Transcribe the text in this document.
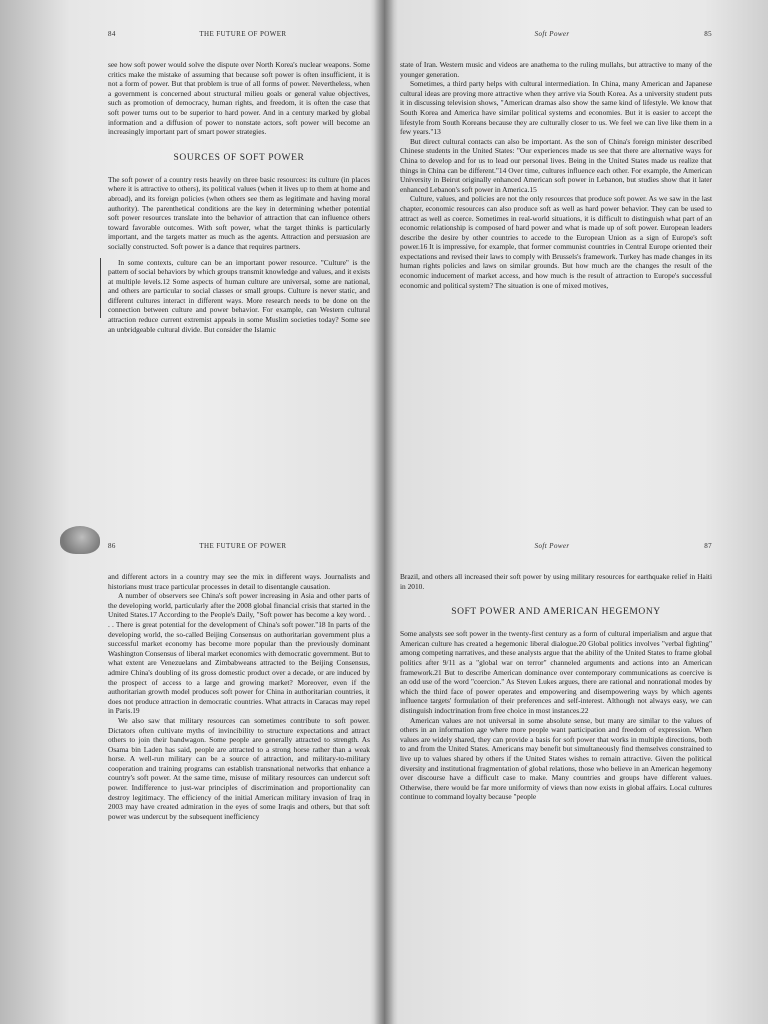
84	THE FUTURE OF POWER

see how soft power would solve the dispute over North Korea's nuclear weapons. Some critics make the mistake of assuming that because soft power is often insufficient, it is not a form of power. But that problem is true of all forms of power. Nevertheless, when a government is concerned about structural milieu goals or general value objectives, such as promotion of democracy, human rights, and freedom, it is often the case that soft power turns out to be superior to hard power. And in a century marked by global information and a diffusion of power to nonstate actors, soft power will become an increasingly important part of smart power strategies.

SOURCES OF SOFT POWER

The soft power of a country rests heavily on three basic resources: its culture (in places where it is attractive to others), its political values (when it lives up to them at home and abroad), and its foreign policies (when others see them as legitimate and having moral authority). The parenthetical conditions are the key in determining whether potential soft power resources translate into the behavior of attraction that can influence others toward favorable outcomes. With soft power, what the target thinks is particularly important, and the targets matter as much as the agents. Attraction and persuasion are socially constructed. Soft power is a dance that requires partners.

In some contexts, culture can be an important power resource. "Culture" is the pattern of social behaviors by which groups transmit knowledge and values, and it exists at multiple levels.12 Some aspects of human culture are universal, some are national, and others are particular to social classes or small groups. Culture is never static, and different cultures interact in different ways. More research needs to be done on the connection between culture and power behavior. For example, can Western cultural attraction reduce current extremist appeals in some Muslim societies today? Some see an unbridgeable cultural divide. But consider the Islamic

Soft Power	85

state of Iran. Western music and videos are anathema to the ruling mullahs, but attractive to many of the younger generation.

Sometimes, a third party helps with cultural intermediation. In China, many American and Japanese cultural ideas are proving more attractive when they arrive via South Korea. As a university student puts it in discussing television shows, "American dramas also show the same kind of lifestyle. We know that South Korea and America have similar political systems and economies. But it is easier to accept the lifestyle from South Koreans because they are culturally closer to us. We feel we can live like them in a few years."13

But direct cultural contacts can also be important. As the son of China's foreign minister described Chinese students in the United States: "Our experiences made us see that there are alternative ways for China to develop and for us to lead our personal lives. Being in the United States made us realize that things in China can be different."14 Over time, cultures influence each other. For example, the American University in Beirut originally enhanced American soft power in Lebanon, but studies show that it later enhanced Lebanon's soft power in America.15

Culture, values, and policies are not the only resources that produce soft power. As we saw in the last chapter, economic resources can also produce soft as well as hard power behavior. They can be used to attract as well as coerce. Sometimes in real-world situations, it is difficult to distinguish what part of an economic relationship is composed of hard power and what is made up of soft power. European leaders describe the desire by other countries to accede to the European Union as a sign of Europe's soft power.16 It is impressive, for example, that former communist countries in Central Europe oriented their expectations and revised their laws to comply with Brussels's framework. Turkey has made changes in its human rights policies and laws on similar grounds. But how much are the changes the result of the economic inducement of market access, and how much is the result of attraction to Europe's successful economic and political system? The situation is one of mixed motives,

86	THE FUTURE OF POWER

and different actors in a country may see the mix in different ways. Journalists and historians must trace particular processes in detail to disentangle causation.

A number of observers see China's soft power increasing in Asia and other parts of the developing world, particularly after the 2008 global financial crisis that started in the United States.17 According to the People's Daily, "Soft power has become a key word. . . . There is great potential for the development of China's soft power."18 In parts of the developing world, the so-called Beijing Consensus on authoritarian government plus a successful market economy has become more popular than the previously dominant Washington Consensus of liberal market economics with democratic government. But to what extent are Venezuelans and Zimbabweans attracted to the Beijing Consensus, admire China's doubling of its gross domestic product over a decade, or are induced by the prospect of access to a large and growing market? Moreover, even if the authoritarian growth model produces soft power for China in authoritarian countries, it does not produce attraction in democratic countries. What attracts in Caracas may repel in Paris.19

We also saw that military resources can sometimes contribute to soft power. Dictators often cultivate myths of invincibility to structure expectations and attract others to join their bandwagon. Some people are generally attracted to strength. As Osama bin Laden has said, people are attracted to a strong horse rather than a weak horse. A well-run military can be a source of attraction, and military-to-military cooperation and training programs can establish transnational networks that enhance a country's soft power. At the same time, misuse of military resources can undercut soft power. Indifference to just-war principles of discrimination and proportionality can destroy legitimacy. The efficiency of the initial American military invasion of Iraq in 2003 may have created admiration in the eyes of some Iraqis and others, but that soft power was undercut by the subsequent inefficiency

Soft Power	87

Brazil, and others all increased their soft power by using military resources for earthquake relief in Haiti in 2010.

SOFT POWER AND AMERICAN HEGEMONY

Some analysts see soft power in the twenty-first century as a form of cultural imperialism and argue that American culture has created a hegemonic liberal dialogue.20 Global politics involves "verbal fighting" among competing narratives, and these analysts argue that the ability of the United States to frame global politics after 9/11 as a "global war on terror" channeled arguments and actions into an American framework.21 But to describe American dominance over contemporary communications as coercive is an odd use of the word "coercion." As Steven Lukes argues, there are rational and nonrational modes by which the third face of power operates and empowering and disempowering ways by which agents influence targets' formulation of their preferences and self-interest. Although not always easy, we can distinguish indoctrination from free choice in most instances.22

American values are not universal in some absolute sense, but many are similar to the values of others in an information age where more people want participation and freedom of expression. When values are widely shared, they can provide a basis for soft power that works in multiple directions, both to and from the United States. Americans may benefit but simultaneously find themselves constrained to live up to values shared by others if the United States wishes to remain attractive. Given the political diversity and institutional fragmentation of global relations, those who believe in an American hegemony over discourse have a difficult case to make. Many countries and groups have different values. Otherwise, there would be far more uniformity of views than now exists in global affairs. Local cultures continue to command loyalty because "people
